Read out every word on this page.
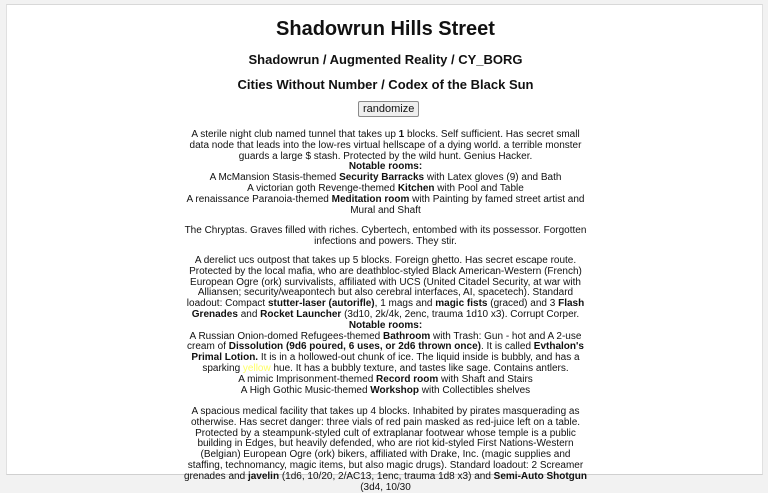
Shadowrun Hills Street
Shadowrun / Augmented Reality / CY_BORG
Cities Without Number / Codex of the Black Sun
randomize

A sterile night club named tunnel that takes up 1 blocks. Self sufficient. Has secret small data node that leads into the low-res virtual hellscape of a dying world. a terrible monster guards a large $ stash. Protected by the wild hunt. Genius Hacker.

Notable rooms:

A McMansion Stasis-themed Security Barracks with Latex gloves (9) and Bath

A victorian goth Revenge-themed Kitchen with Pool and Table

A renaissance Paranoia-themed Meditation room with Painting by famed street artist and Mural and Shaft

The Chryptas. Graves filled with riches. Cybertech, entombed with its possessor. Forgotten infections and powers. They stir.

A derelict ucs outpost that takes up 5 blocks. Foreign ghetto. Has secret escape route. Protected by the local mafia, who are deathbloc-styled Black American-Western (French) European Ogre (ork) survivalists, affiliated with UCS (United Citadel Security, at war with Alliansen; security/weapontech but also cerebral interfaces, AI, spacetech). Standard loadout: Compact stutter-laser (autorifle), 1 mags and magic fists (graced) and 3 Flash Grenades and Rocket Launcher (3d10, 2k/4k, 2enc, trauma 1d10 x3). Corrupt Corper.

Notable rooms:

A Russian Onion-domed Refugees-themed Bathroom with Trash: Gun - hot and A 2-use cream of Dissolution (9d6 poured, 6 uses, or 2d6 thrown once). It is called Evthalon's Primal Lotion. It is in a hollowed-out chunk of ice. The liquid inside is bubbly, and has a sparking yellow hue. It has a bubbly texture, and tastes like sage. Contains antlers.

A mimic Imprisonment-themed Record room with Shaft and Stairs

A High Gothic Music-themed Workshop with Collectibles shelves

A spacious medical facility that takes up 4 blocks. Inhabited by pirates masquerading as otherwise. Has secret danger: three vials of red pain masked as red-juice left on a table. Protected by a steampunk-styled cult of extraplanar footwear whose temple is a public building in Edges, but heavily defended, who are riot kid-styled First Nations-Western (Belgian) European Ogre (ork) bikers, affiliated with Drake, Inc. (magic supplies and staffing, technomancy, magic items, but also magic drugs). Standard loadout: 2 Screamer grenades and javelin (1d6, 10/20, 2/AC13, 1enc, trauma 1d8 x3) and Semi-Auto Shotgun (3d4, 10/30
